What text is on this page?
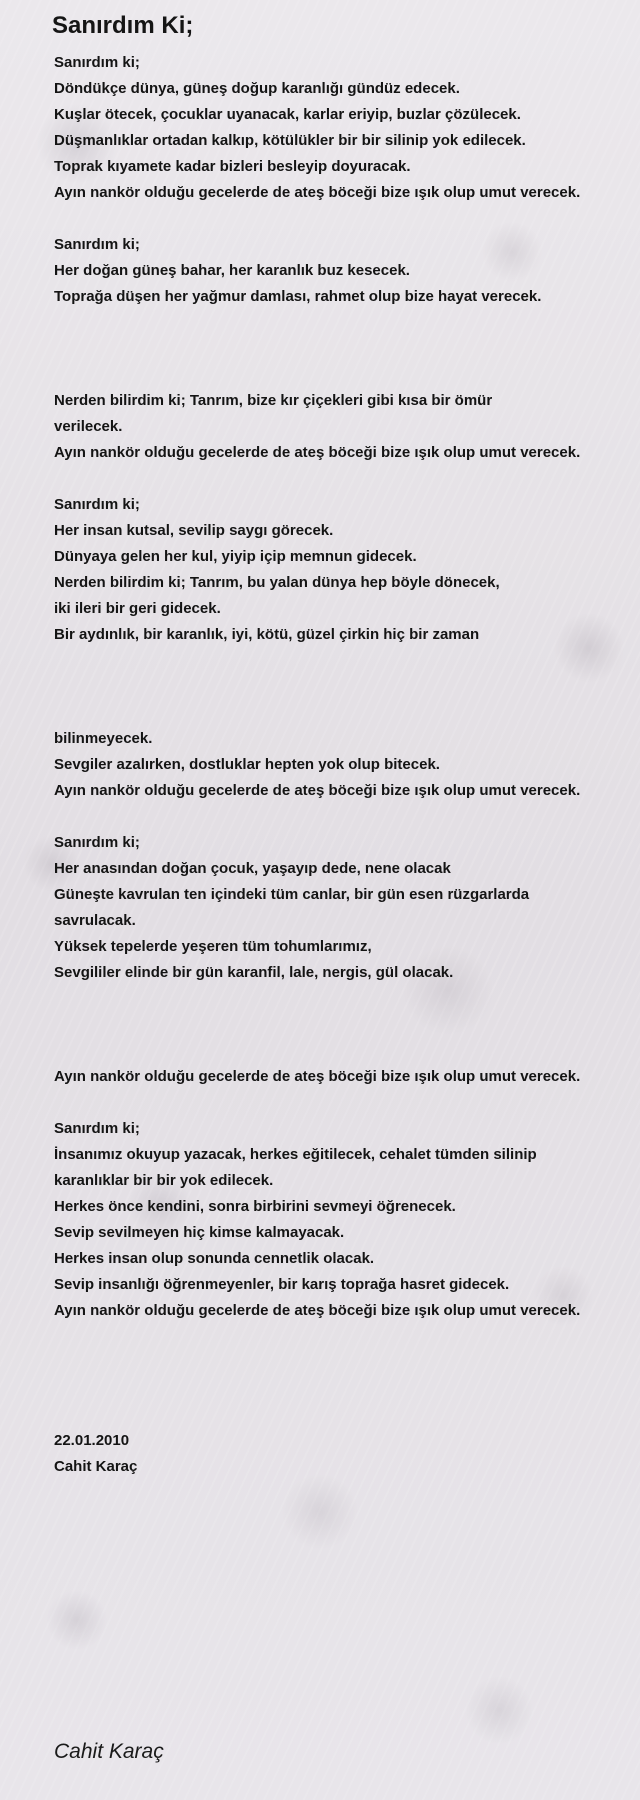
Sanırdım Ki;
Sanırdım ki;
Döndükçe dünya, güneş doğup karanlığı gündüz edecek.
Kuşlar ötecek, çocuklar uyanacak, karlar eriyip, buzlar çözülecek.
Düşmanlıklar ortadan kalkıp, kötülükler bir bir silinip yok edilecek.
Toprak kıyamete kadar bizleri besleyip doyuracak.
Ayın nankör olduğu gecelerde de ateş böceği bize ışık olup umut verecek.
Sanırdım ki;
Her doğan güneş bahar, her karanlık buz kesecek.
Toprağa düşen her yağmur damlası, rahmet olup bize hayat verecek.
Nerden bilirdim ki; Tanrım, bize kır çiçekleri gibi kısa bir ömür
verilecek.
Ayın nankör olduğu gecelerde de ateş böceği bize ışık olup umut verecek.
Sanırdım ki;
Her insan kutsal, sevilip saygı görecek.
Dünyaya gelen her kul, yiyip içip memnun gidecek.
Nerden bilirdim ki; Tanrım, bu yalan dünya hep böyle dönecek,
iki ileri bir geri gidecek.
Bir aydınlık, bir karanlık, iyi, kötü, güzel çirkin hiç bir zaman
bilinmeyecek.
Sevgiler azalırken, dostluklar hepten yok olup bitecek.
Ayın nankör olduğu gecelerde de ateş böceği bize ışık olup umut verecek.
Sanırdım ki;
Her anasından doğan çocuk, yaşayıp dede, nene olacak
Güneşte kavrulan ten içindeki tüm canlar, bir gün esen rüzgarlarda
savrulacak.
Yüksek tepelerde yeşeren tüm tohumlarımız,
Sevgililer elinde bir gün karanfil, lale, nergis, gül olacak.
Ayın nankör olduğu gecelerde de ateş böceği bize ışık olup umut verecek.
Sanırdım ki;
İnsanımız okuyup yazacak, herkes eğitilecek, cehalet tümden silinip
karanlıklar bir bir yok edilecek.
Herkes önce kendini, sonra birbirini sevmeyi öğrenecek.
Sevip sevilmeyen hiç kimse kalmayacak.
Herkes insan olup sonunda cennetlik olacak.
Sevip insanlığı öğrenmeyenler, bir karış toprağa hasret gidecek.
Ayın nankör olduğu gecelerde de ateş böceği bize ışık olup umut verecek.
22.01.2010
Cahit Karaç
Cahit Karaç
